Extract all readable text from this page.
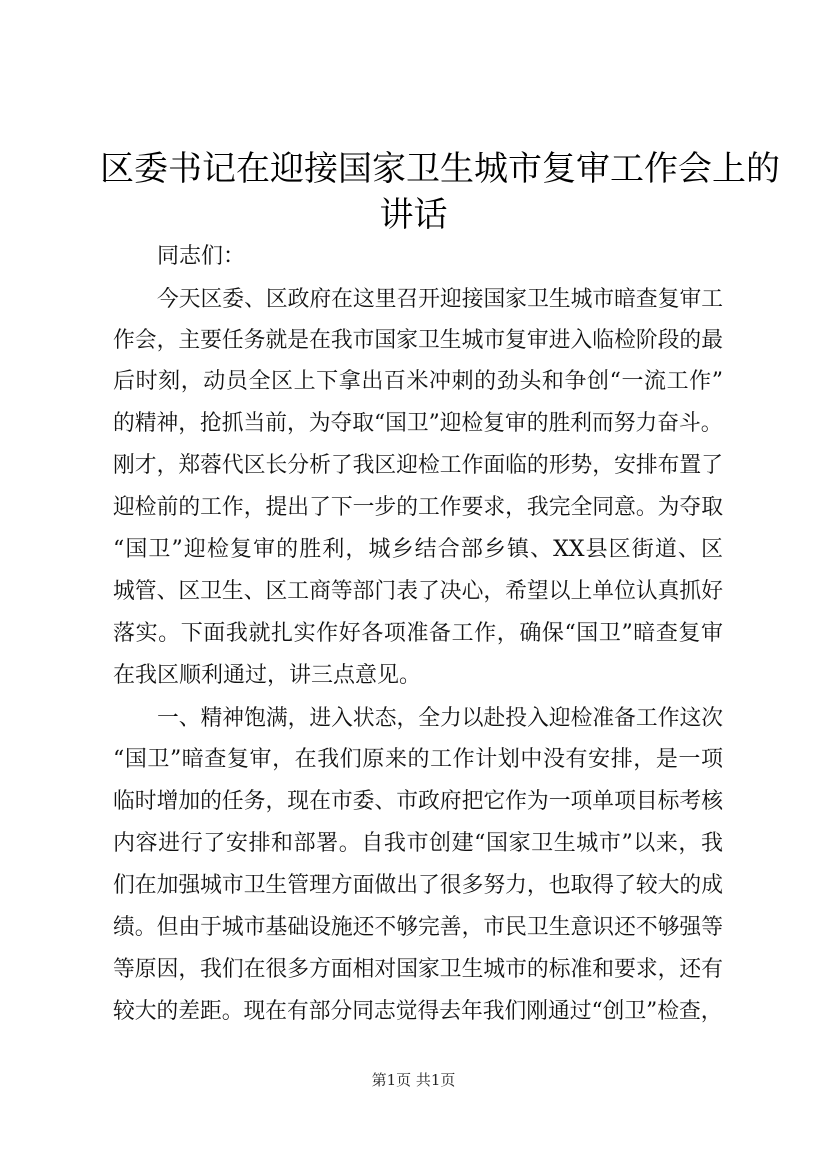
区委书记在迎接国家卫生城市复审工作会上的
讲话
同志们：
今天区委、区政府在这里召开迎接国家卫生城市暗查复审工
作会，主要任务就是在我市国家卫生城市复审进入临检阶段的最
后时刻，动员全区上下拿出百米冲刺的劲头和争创“一流工作”
的精神，抢抓当前，为夺取“国卫”迎检复审的胜利而努力奋斗。
刚才，郑蓉代区长分析了我区迎检工作面临的形势，安排布置了
迎检前的工作，提出了下一步的工作要求，我完全同意。为夺取
“国卫”迎检复审的胜利，城乡结合部乡镇、XX县区街道、区
城管、区卫生、区工商等部门表了决心，希望以上单位认真抓好
落实。下面我就扎实作好各项准备工作，确保“国卫”暗查复审
在我区顺利通过，讲三点意见。
一、精神饱满，进入状态，全力以赴投入迎检准备工作这次
“国卫”暗查复审，在我们原来的工作计划中没有安排，是一项
临时增加的任务，现在市委、市政府把它作为一项单项目标考核
内容进行了安排和部署。自我市创建“国家卫生城市”以来，我
们在加强城市卫生管理方面做出了很多努力，也取得了较大的成
绩。但由于城市基础设施还不够完善，市民卫生意识还不够强等
等原因，我们在很多方面相对国家卫生城市的标准和要求，还有
较大的差距。现在有部分同志觉得去年我们刚通过“创卫”检查，
第1页 共1页
